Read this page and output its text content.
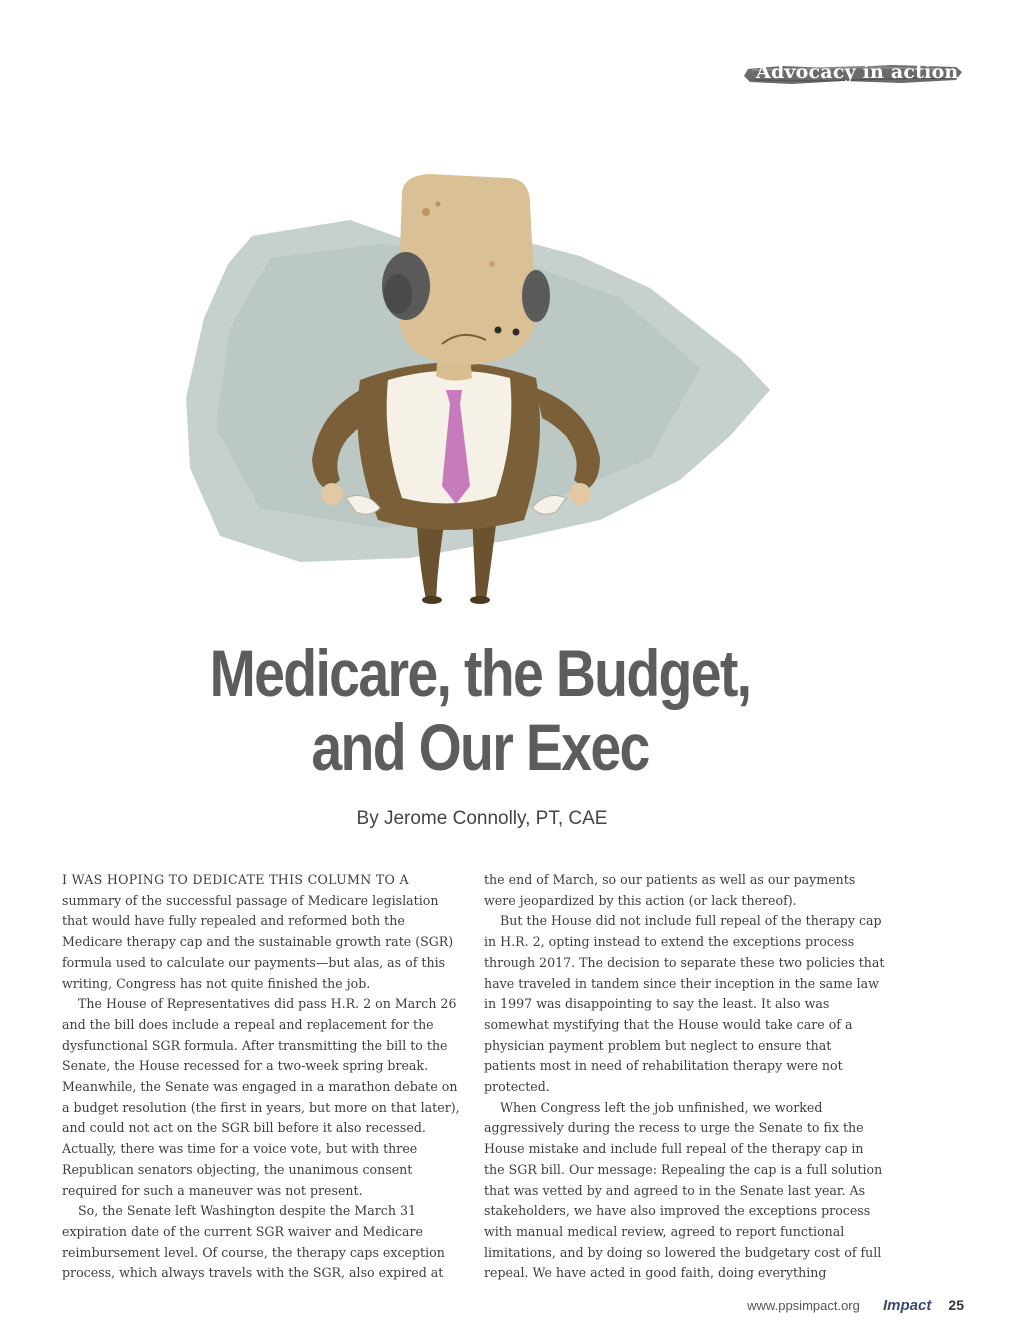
Advocacy in action
Medicare, the Budget,
and Our Exec
By Jerome Connolly, PT, CAE

I WAS HOPING TO DEDICATE THIS COLUMN TO A summary of the successful passage of Medicare legislation that would have fully repealed and reformed both the Medicare therapy cap and the sustainable growth rate (SGR) formula used to calculate our payments—but alas, as of this writing, Congress has not quite finished the job.

The House of Representatives did pass H.R. 2 on March 26 and the bill does include a repeal and replacement for the dysfunctional SGR formula. After transmitting the bill to the Senate, the House recessed for a two-week spring break. Meanwhile, the Senate was engaged in a marathon debate on a budget resolution (the first in years, but more on that later), and could not act on the SGR bill before it also recessed. Actually, there was time for a voice vote, but with three Republican senators objecting, the unanimous consent required for such a maneuver was not present.

So, the Senate left Washington despite the March 31 expiration date of the current SGR waiver and Medicare reimbursement level. Of course, the therapy caps exception process, which always travels with the SGR, also expired at

the end of March, so our patients as well as our payments were jeopardized by this action (or lack thereof).

But the House did not include full repeal of the therapy cap in H.R. 2, opting instead to extend the exceptions process through 2017. The decision to separate these two policies that have traveled in tandem since their inception in the same law in 1997 was disappointing to say the least. It also was somewhat mystifying that the House would take care of a physician payment problem but neglect to ensure that patients most in need of rehabilitation therapy were not protected.

When Congress left the job unfinished, we worked aggressively during the recess to urge the Senate to fix the House mistake and include full repeal of the therapy cap in the SGR bill. Our message: Repealing the cap is a full solution that was vetted by and agreed to in the Senate last year. As stakeholders, we have also improved the exceptions process with manual medical review, agreed to report functional limitations, and by doing so lowered the budgetary cost of full repeal. We have acted in good faith, doing everything

www.ppsimpact.org Impact 25
